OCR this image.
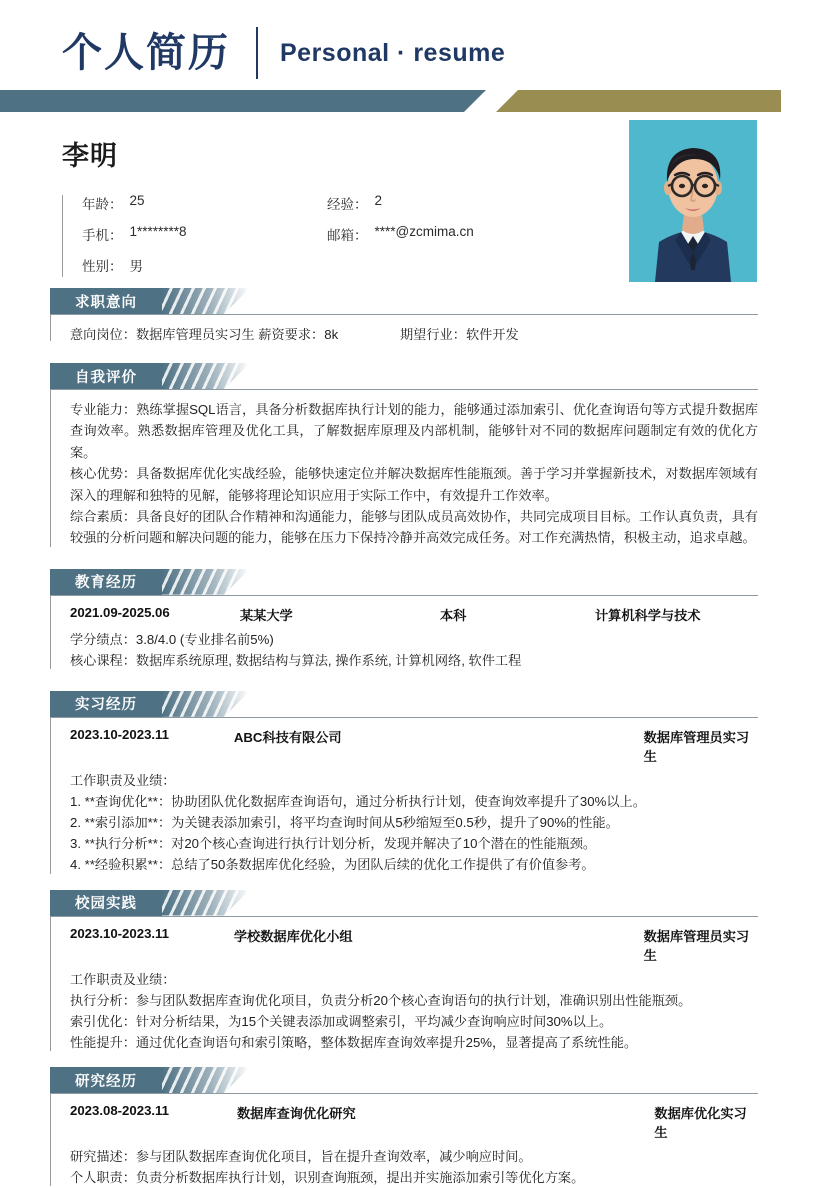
个人简历 Personal · resume
李明
年龄： 25	经验： 2
手机： 1********8	邮箱： ****@zcmima.cn
性别： 男
求职意向
意向岗位：数据库管理员实习生 薪资要求：8k	期望行业：软件开发
自我评价

专业能力：熟练掌握SQL语言，具备分析数据库执行计划的能力，能够通过添加索引、优化查询语句等方式提升数据库查询效率。熟悉数据库管理及优化工具，了解数据库原理及内部机制，能够针对不同的数据库问题制定有效的优化方案。

核心优势：具备数据库优化实战经验，能够快速定位并解决数据库性能瓶颈。善于学习并掌握新技术，对数据库领域有深入的理解和独特的见解，能够将理论知识应用于实际工作中，有效提升工作效率。

综合素质：具备良好的团队合作精神和沟通能力，能够与团队成员高效协作，共同完成项目目标。工作认真负责，具有较强的分析问题和解决问题的能力，能够在压力下保持冷静并高效完成任务。对工作充满热情，积极主动，追求卓越。

教育经历
2021.09-2025.06	某某大学	本科	计算机科学与技术
学分绩点：3.8/4.0 (专业排名前5%)
核心课程：数据库系统原理, 数据结构与算法, 操作系统, 计算机网络, 软件工程
实习经历
2023.10-2023.11	ABC科技有限公司	数据库管理员实习生
工作职责及业绩：
1. **查询优化**：协助团队优化数据库查询语句，通过分析执行计划，使查询效率提升了30%以上。
2. **索引添加**：为关键表添加索引，将平均查询时间从5秒缩短至0.5秒，提升了90%的性能。
3. **执行分析**：对20个核心查询进行执行计划分析，发现并解决了10个潜在的性能瓶颈。
4. **经验积累**：总结了50条数据库优化经验，为团队后续的优化工作提供了有价值参考。
校园实践
2023.10-2023.11	学校数据库优化小组	数据库管理员实习生
工作职责及业绩：
执行分析：参与团队数据库查询优化项目，负责分析20个核心查询语句的执行计划，准确识别出性能瓶颈。
索引优化：针对分析结果，为15个关键表添加或调整索引，平均减少查询响应时间30%以上。
性能提升：通过优化查询语句和索引策略，整体数据库查询效率提升25%，显著提高了系统性能。
研究经历
2023.08-2023.11	数据库查询优化研究	数据库优化实习生
研究描述：参与团队数据库查询优化项目，旨在提升查询效率，减少响应时间。
个人职责：负责分析数据库执行计划，识别查询瓶颈，提出并实施添加索引等优化方案。
